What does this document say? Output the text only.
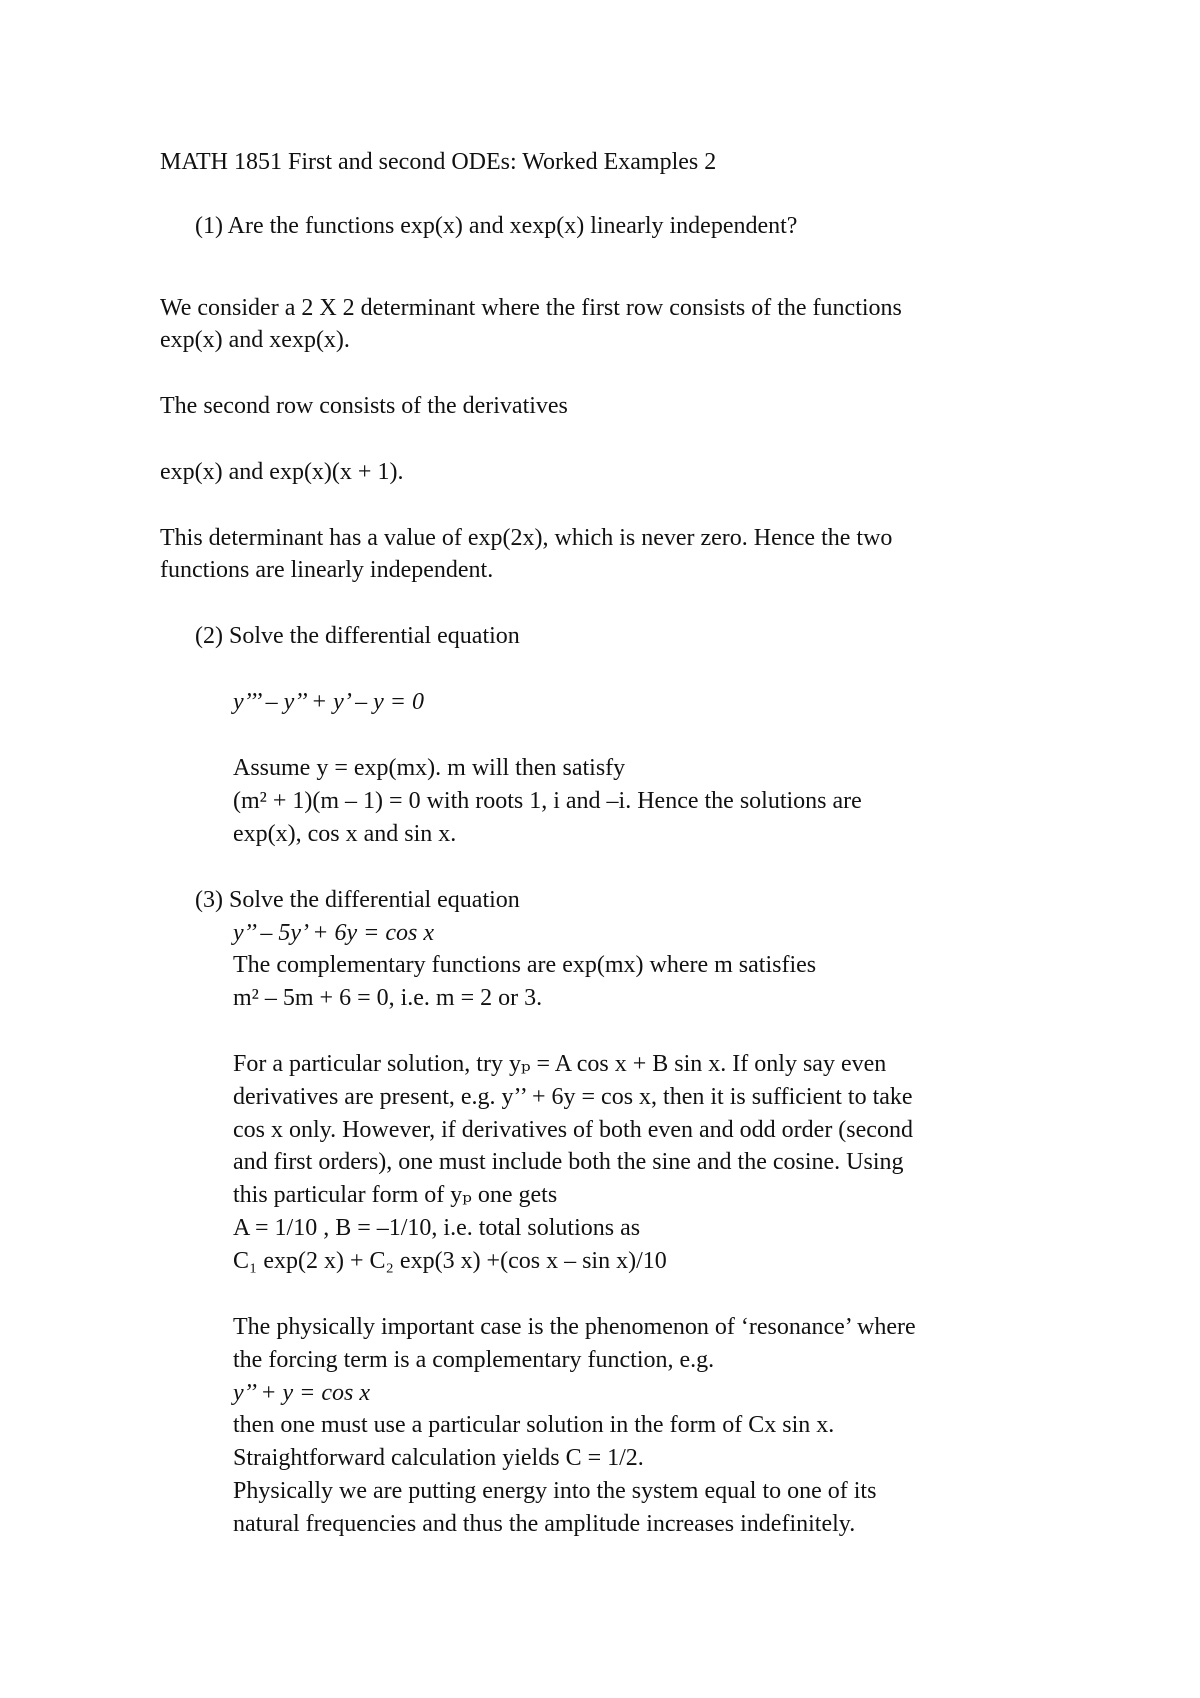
MATH 1851 First and second ODEs: Worked Examples 2
(1) Are the functions exp(x) and xexp(x) linearly independent?
We consider a 2 X 2 determinant where the first row consists of the functions
exp(x) and xexp(x).
The second row consists of the derivatives
exp(x) and exp(x)(x + 1).
This determinant has a value of exp(2x), which is never zero. Hence the two
functions are linearly independent.
(2) Solve the differential equation
y’’’ – y’’ + y’ – y = 0
Assume y = exp(mx). m will then satisfy
(m² + 1)(m – 1) = 0 with roots 1, i and –i. Hence the solutions are
exp(x), cos x and sin x.
(3) Solve the differential equation
y’’ – 5y’ + 6y = cos x
The complementary functions are exp(mx) where m satisfies
m² – 5m + 6 = 0, i.e. m = 2 or 3.
For a particular solution, try yₚ = A cos x + B sin x. If only say even
derivatives are present, e.g. y’’ + 6y = cos x, then it is sufficient to take
cos x only. However, if derivatives of both even and odd order (second
and first orders), one must include both the sine and the cosine. Using
this particular form of yₚ one gets
A = 1/10 , B = –1/10, i.e. total solutions as
C₁ exp(2 x) + C₂ exp(3 x) +(cos x – sin x)/10
The physically important case is the phenomenon of ‘resonance’ where
the forcing term is a complementary function, e.g.
y’’ + y = cos x
then one must use a particular solution in the form of Cx sin x.
Straightforward calculation yields C = 1/2.
Physically we are putting energy into the system equal to one of its
natural frequencies and thus the amplitude increases indefinitely.
